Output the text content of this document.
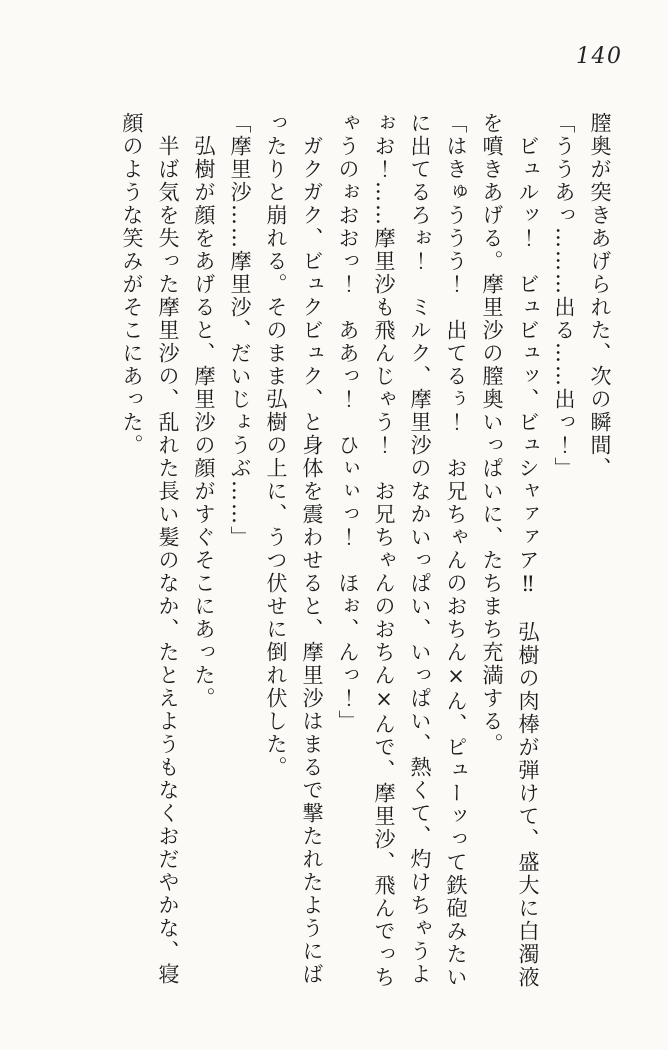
140
膣奥が突きあげられた、次の瞬間、
「ううあっ………出る……出っ！」
ビュルッ！　ビュビュッ、ビュシャァァア‼　弘樹の肉棒が弾けて、盛大に白濁液
を噴きあげる。摩里沙の膣奥いっぱいに、たちまち充満する。
「はきゅううう！　出てるぅ！　お兄ちゃんのおちん×ん、ピューッって鉄砲みたい
に出てるろぉ！　ミルク、摩里沙のなかいっぱい、いっぱい、熱くて、灼けちゃうよ
ぉお！……摩里沙も飛んじゃう！　お兄ちゃんのおちん×んで、摩里沙、飛んでっち
ゃうのぉおおっ！　ああっ！　ひぃぃっ！　ほぉ、んっ！」
ガクガク、ビュクビュク、と身体を震わせると、摩里沙はまるで撃たれたようにば
ったりと崩れる。そのまま弘樹の上に、うつ伏せに倒れ伏した。
「摩里沙……摩里沙、だいじょうぶ……」
弘樹が顔をあげると、摩里沙の顔がすぐそこにあった。
半ば気を失った摩里沙の、乱れた長い髪のなか、たとえようもなくおだやかな、寝
顔のような笑みがそこにあった。
